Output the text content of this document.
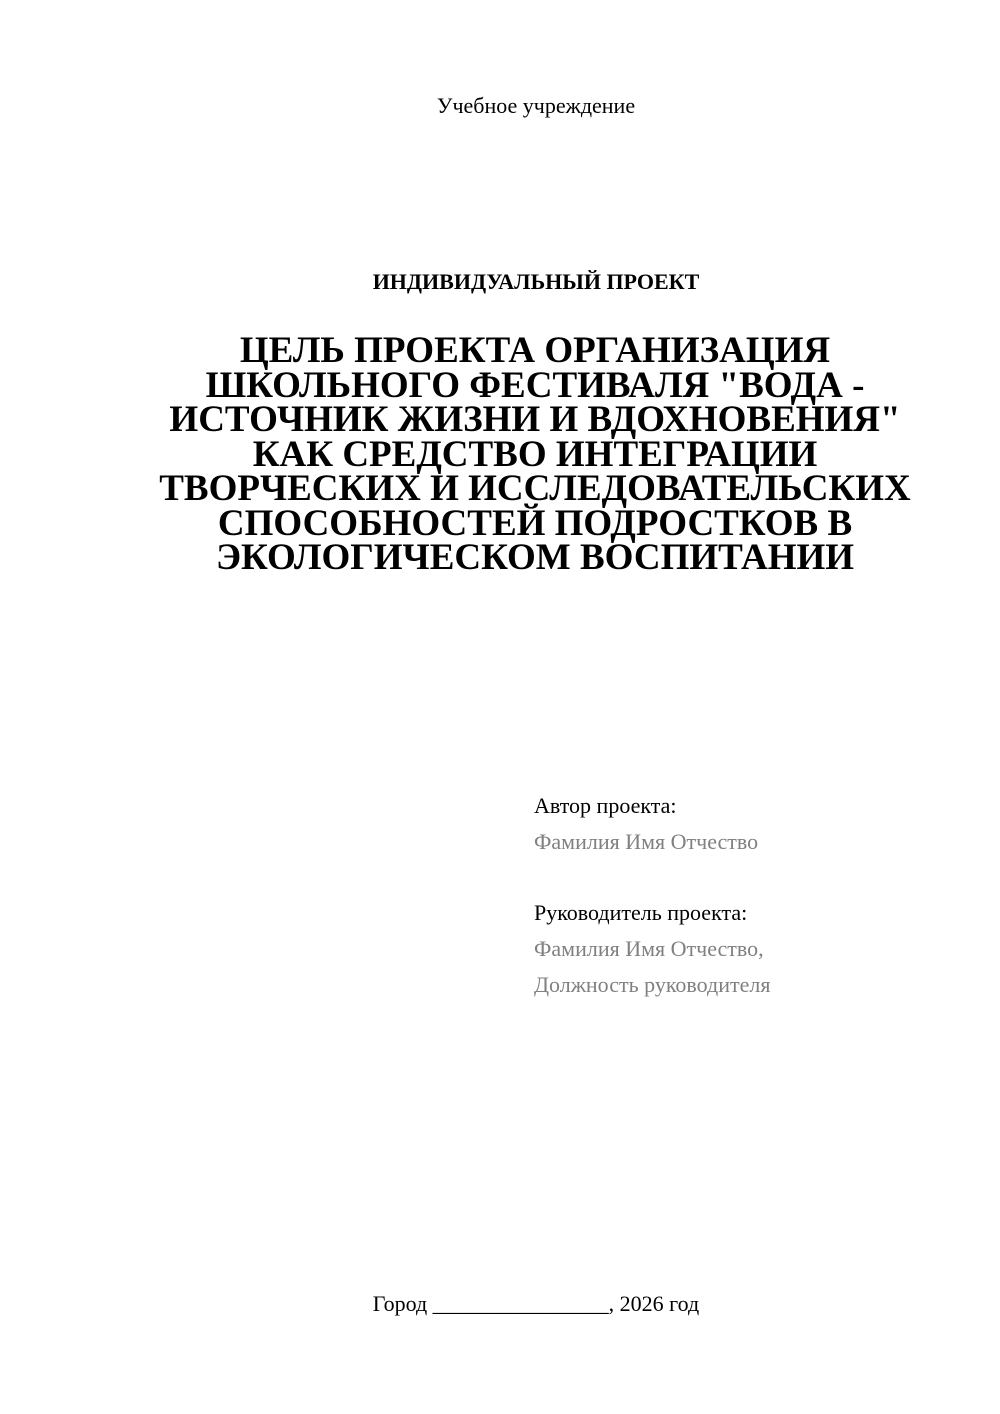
Учебное учреждение
ИНДИВИДУАЛЬНЫЙ ПРОЕКТ
ЦЕЛЬ ПРОЕКТА ОРГАНИЗАЦИЯ ШКОЛЬНОГО ФЕСТИВАЛЯ "ВОДА - ИСТОЧНИК ЖИЗНИ И ВДОХНОВЕНИЯ" КАК СРЕДСТВО ИНТЕГРАЦИИ ТВОРЧЕСКИХ И ИССЛЕДОВАТЕЛЬСКИХ СПОСОБНОСТЕЙ ПОДРОСТКОВ В ЭКОЛОГИЧЕСКОМ ВОСПИТАНИИ
Автор проекта:
Фамилия Имя Отчество
Руководитель проекта:
Фамилия Имя Отчество,
Должность руководителя
Город ________________, 2026 год
